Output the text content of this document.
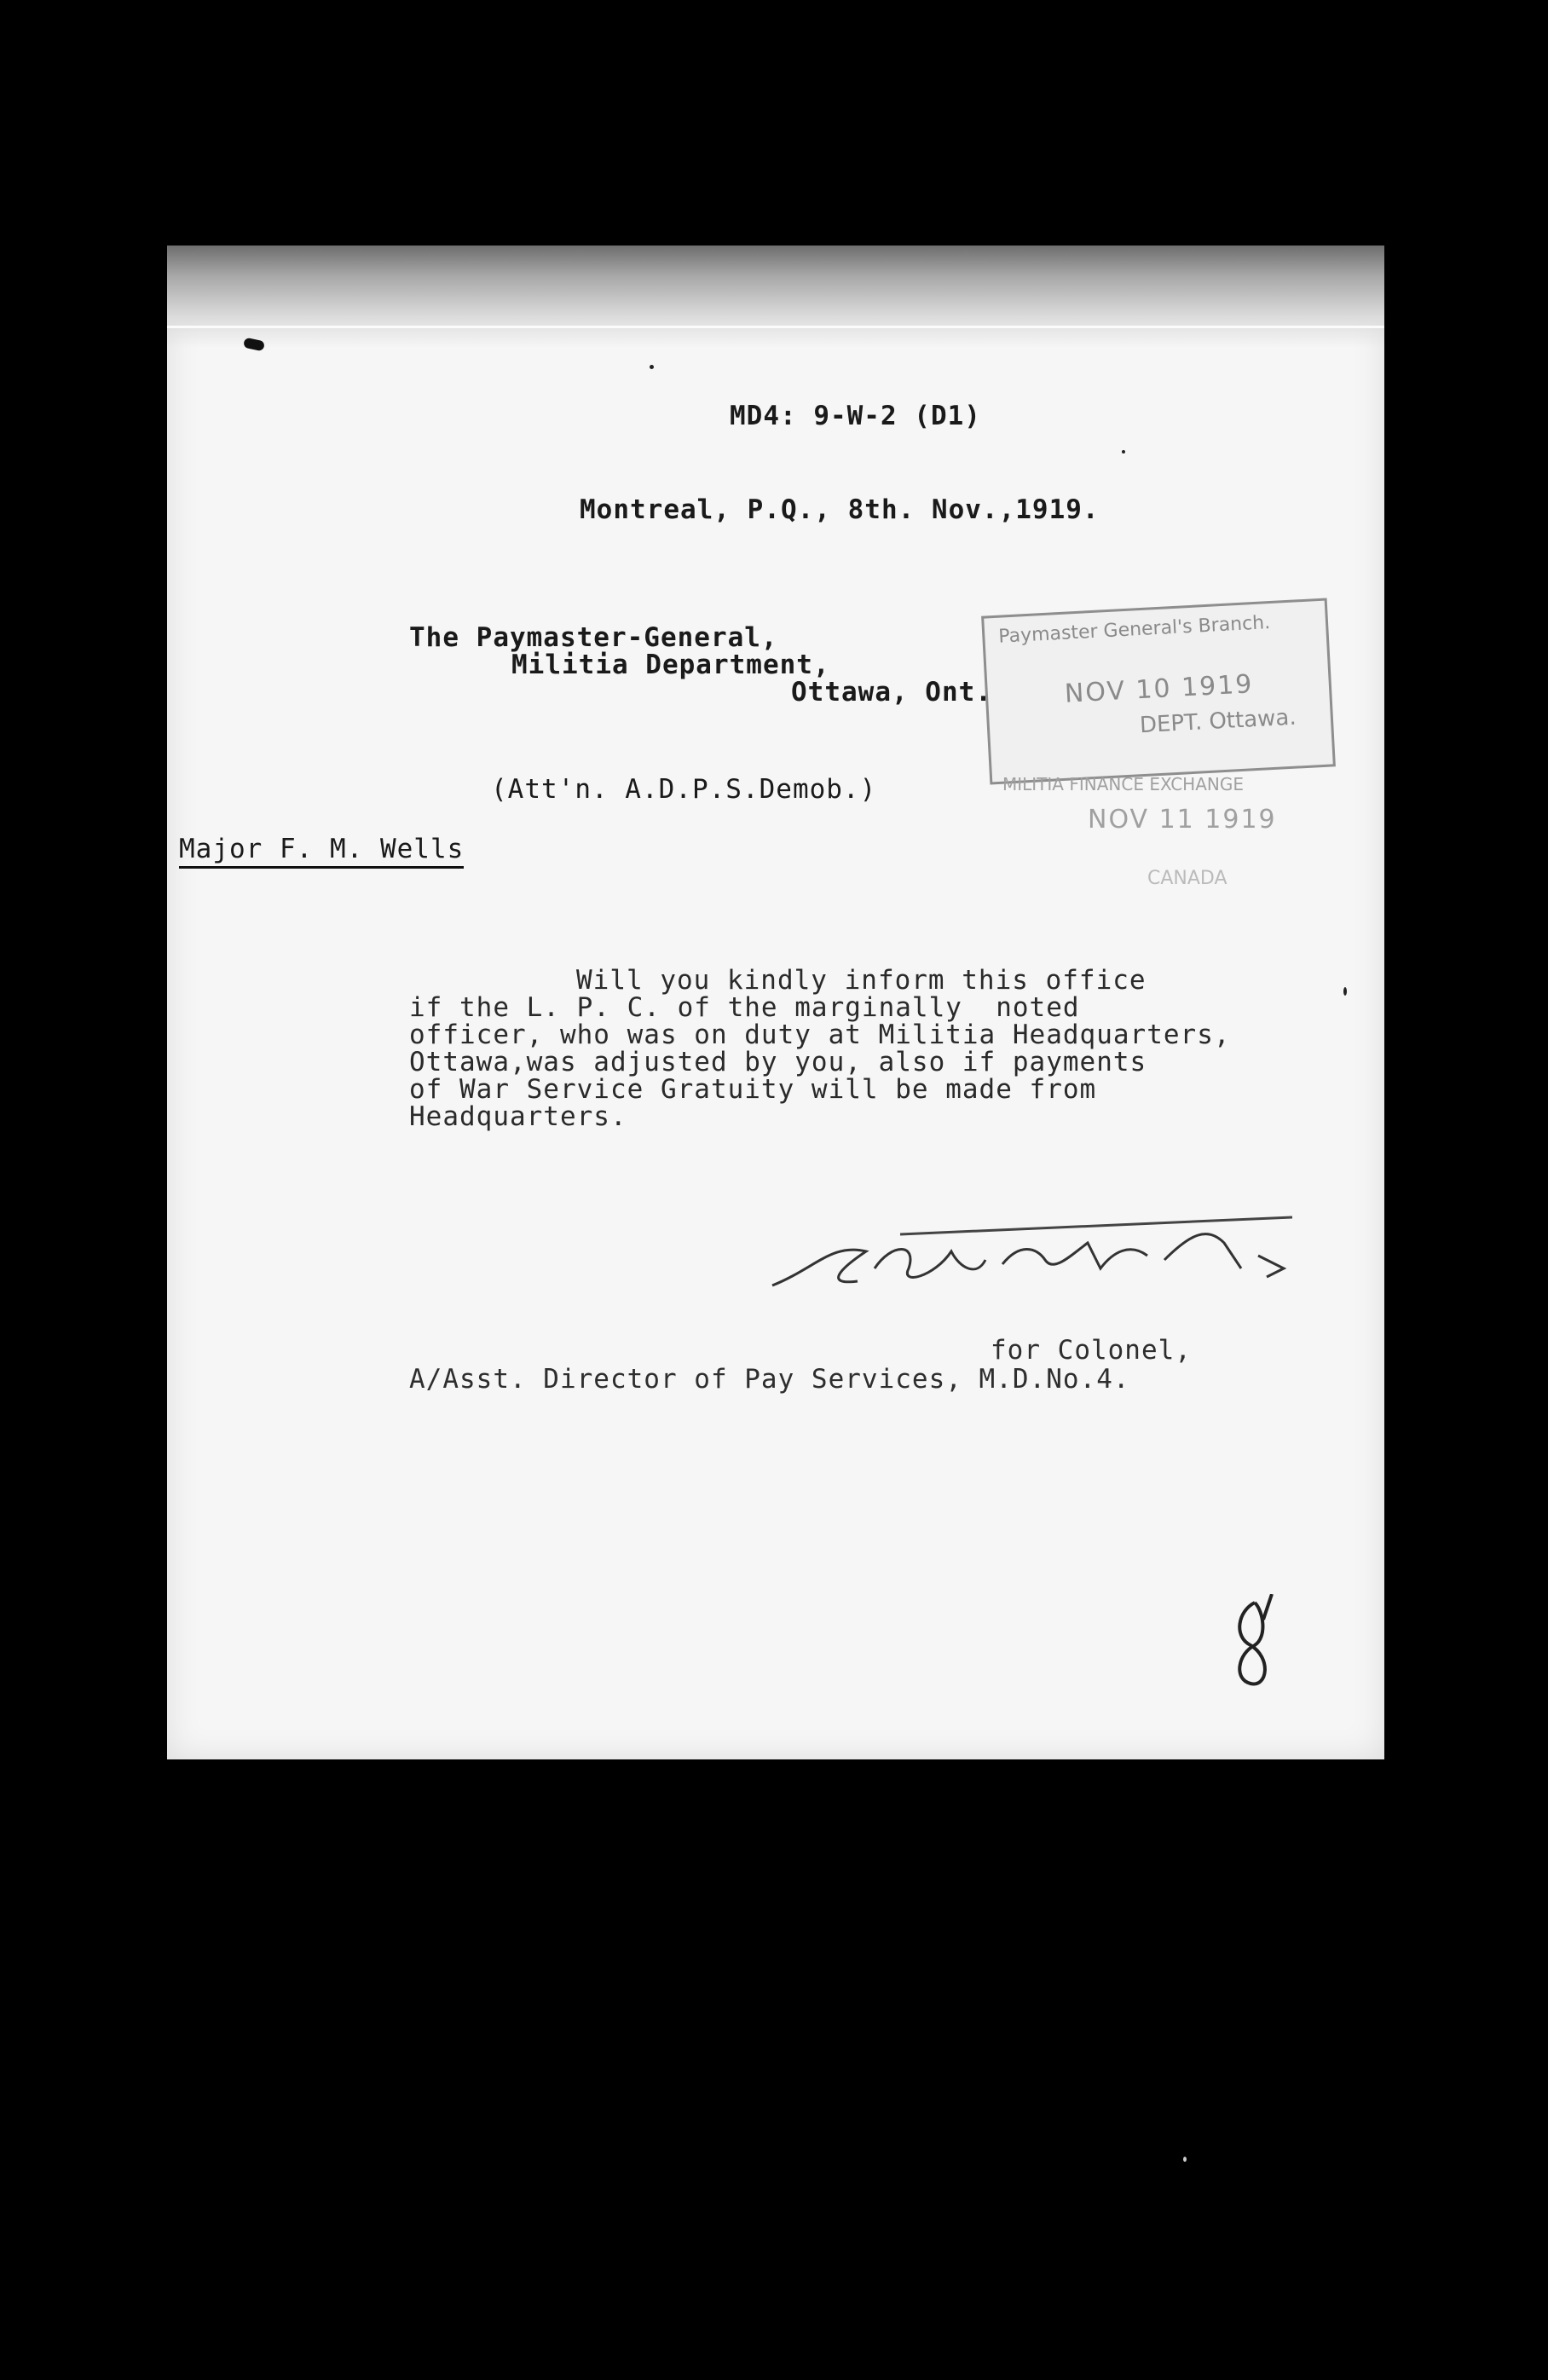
MD4: 9-W-2 (D1)
Montreal, P.Q., 8th. Nov.,1919.
The Paymaster-General,
Militia Department,
Ottawa, Ont.
(Att'n. A.D.P.S.Demob.)
Major F. M. Wells
Will you kindly inform this office
if the L. P. C. of the marginally  noted
officer, who was on duty at Militia Headquarters,
Ottawa,was adjusted by you, also if payments
of War Service Gratuity will be made from
Headquarters.
for Colonel,
A/Asst. Director of Pay Services, M.D.No.4.
Paymaster General's Branch.
NOV 10 1919
DEPT. Ottawa.
MILITIA FINANCE EXCHANGE
NOV 11 1919
CANADA
